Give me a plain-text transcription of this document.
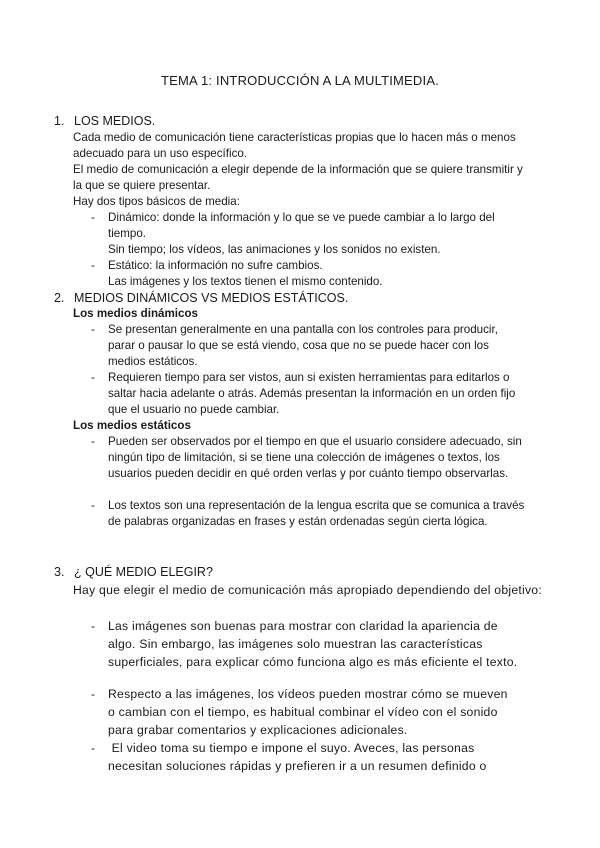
TEMA 1: INTRODUCCIÓN A LA MULTIMEDIA.
1. LOS MEDIOS.
Cada medio de comunicación tiene características propias que lo hacen más o menos adecuado para un uso específico.
El medio de comunicación a elegir depende de la información que se quiere transmitir y la que se quiere presentar.
Hay dos tipos básicos de media:
- Dinámico: donde la información y lo que se ve puede cambiar a lo largo del tiempo.
Sin tiempo; los vídeos, las animaciones y los sonidos no existen.
- Estático: la información no sufre cambios.
Las imágenes y los textos tienen el mismo contenido.
2. MEDIOS DINÁMICOS VS MEDIOS ESTÁTICOS.
Los medios dinámicos
- Se presentan generalmente en una pantalla con los controles para producir, parar o pausar lo que se está viendo, cosa que no se puede hacer con los medios estáticos.
- Requieren tiempo para ser vistos, aun si existen herramientas para editarlos o saltar hacia adelante o atrás. Además presentan la información en un orden fijo que el usuario no puede cambiar.
Los medios estáticos
- Pueden ser observados por el tiempo en que el usuario considere adecuado, sin ningún tipo de limitación, si se tiene una colección de imágenes o textos, los usuarios pueden decidir en qué orden verlas y por cuánto tiempo observarlas.
- Los textos son una representación de la lengua escrita que se comunica a través de palabras organizadas en frases y están ordenadas según cierta lógica.
3. ¿ QUÉ MEDIO ELEGIR?
Hay que elegir el medio de comunicación más apropiado dependiendo del objetivo:
- Las imágenes son buenas para mostrar con claridad la apariencia de algo. Sin embargo, las imágenes solo muestran las características superficiales, para explicar cómo funciona algo es más eficiente el texto.
- Respecto a las imágenes, los vídeos pueden mostrar cómo se mueven o cambian con el tiempo, es habitual combinar el vídeo con el sonido para grabar comentarios y explicaciones adicionales.
- El video toma su tiempo e impone el suyo. Aveces, las personas necesitan soluciones rápidas y prefieren ir a un resumen definido o
